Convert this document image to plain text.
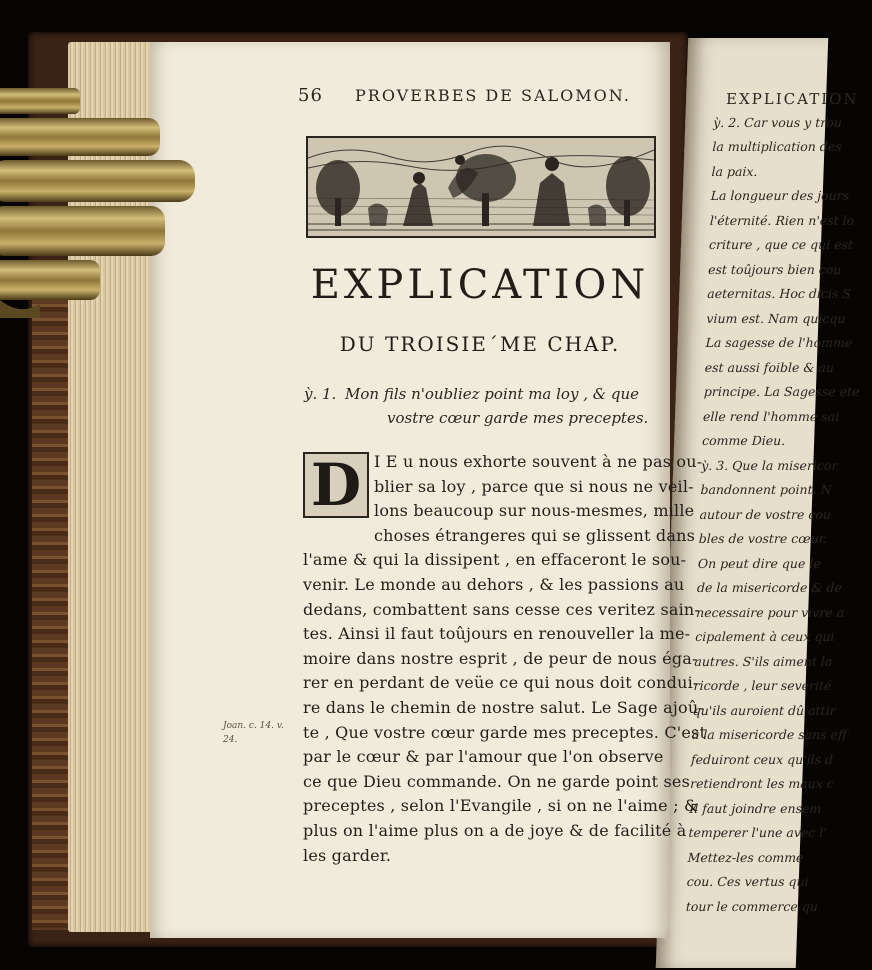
EXPLICATION
ỳ. 2. Car vous y trou
la multiplication des
la paix.
La longueur des jours
l'éternité. Rien n'est lo
criture , que ce qui est
est toûjours bien cou
aeternitas. Hoc dicis S
vium est. Nam quicqu
La sagesse de l'homme
est aussi foible & au
principe. La Sagesse ete
elle rend l'homme sai
comme Dieu.
ỳ. 3. Que la misericor
bandonnent point. N
autour de vostre cou
bles de vostre cœur.
On peut dire que le
de la misericorde & de
necessaire pour vivre a
cipalement à ceux qui
autres. S'ils aiment la
ricorde , leur severité
qu'ils auroient dû attir
à la misericorde sans eff
feduiront ceux qu'ils d
retiendront les maux c
Il faut joindre ensem
temperer l'une avec l'
Mettez-les comme
cou. Ces vertus qui
tour le commerce qu
56 PROVERBES DE SALOMON.
EXPLICATION
DU TROISIE´ME CHAP.
ỳ. 1. Mon fils n'oubliez point ma loy , & que
vostre cœur garde mes preceptes.
D I E u nous exhorte souvent à ne pas ou-
blier sa loy , parce que si nous ne veil-
lons beaucoup sur nous-mesmes, mille
choses étrangeres qui se glissent dans
l'ame & qui la dissipent , en effaceront le sou-
venir. Le monde au dehors , & les passions au
dedans, combattent sans cesse ces veritez sain-
tes. Ainsi il faut toûjours en renouveller la me-
moire dans nostre esprit , de peur de nous éga-
rer en perdant de veüe ce qui nous doit condui-
re dans le chemin de nostre salut. Le Sage ajoû-
te , Que vostre cœur garde mes preceptes. C'est
par le cœur & par l'amour que l'on observe
ce que Dieu commande. On ne garde point ses
preceptes , selon l'Evangile , si on ne l'aime ; &
plus on l'aime plus on a de joye & de facilité à
les garder.
Joan. c. 14. v.
24.
